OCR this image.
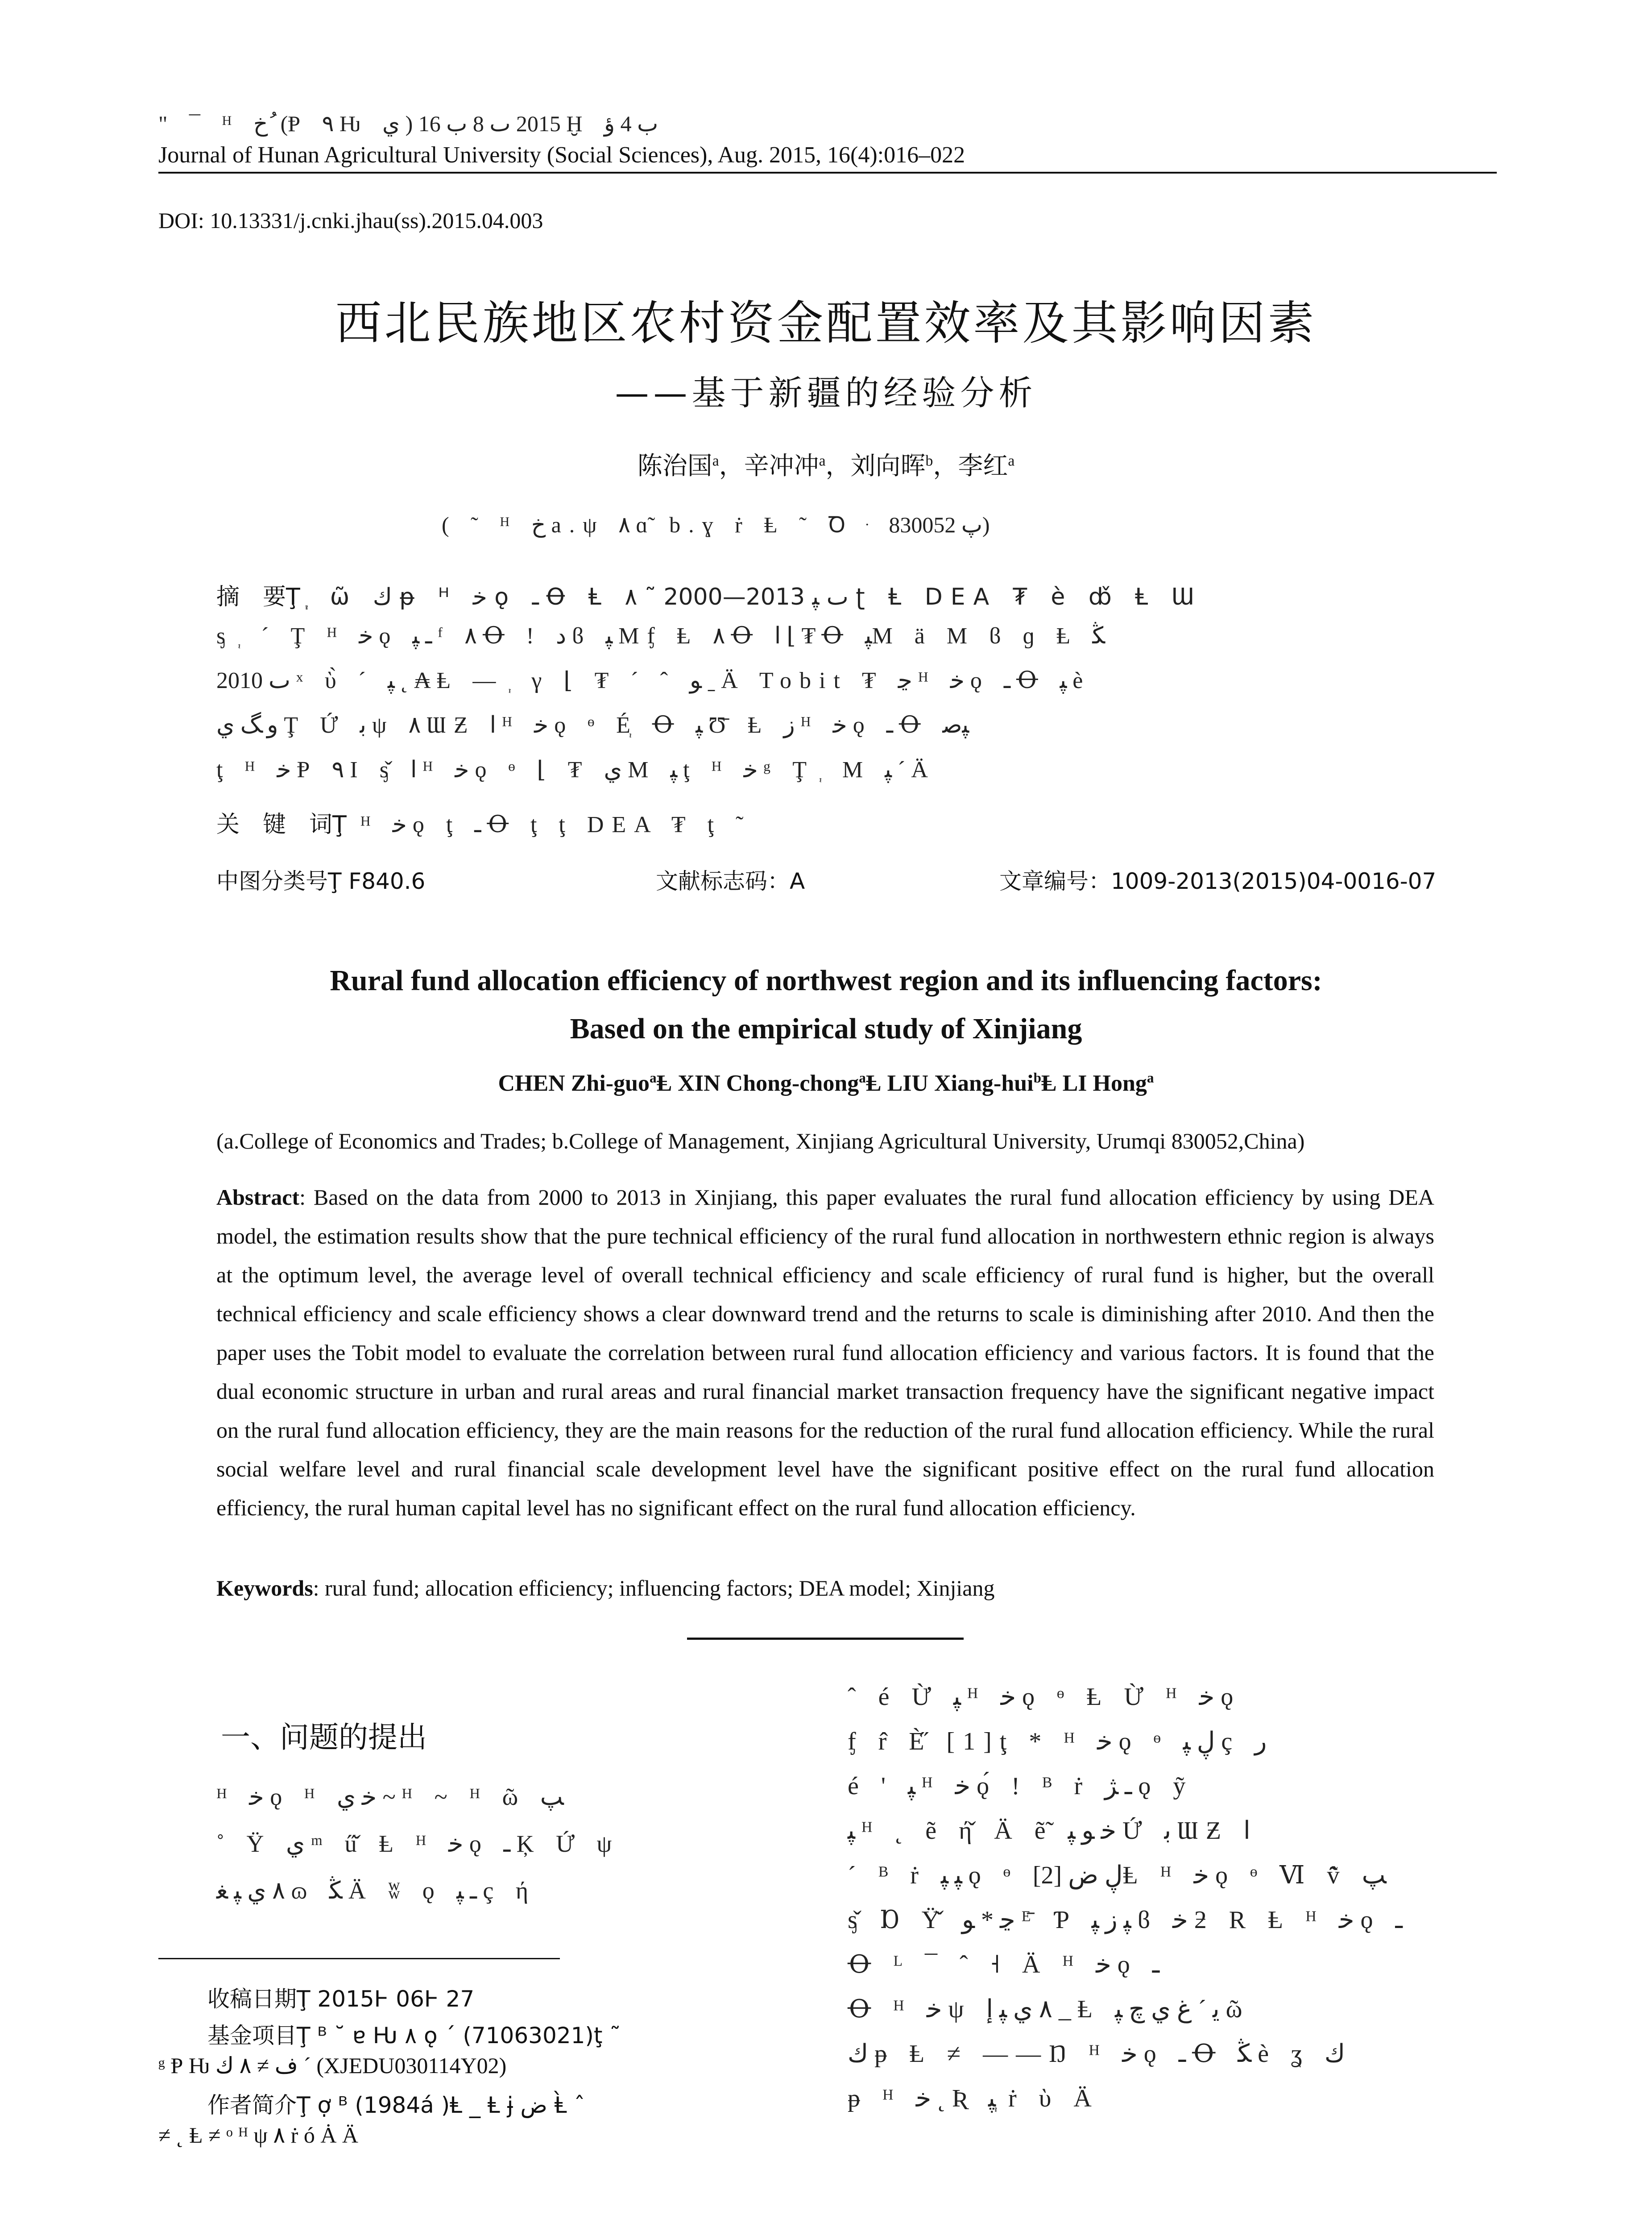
" ¯ ᴴ خ ُ (Ᵽ ٩ Ƕ ي ) 2015 ٮ 8 ب 16 Ḫ ب 4 ؤ
Journal of Hunan Agricultural University (Social Sciences), Aug. 2015, 16(4):016–022
DOI: 10.13331/j.cnki.jhau(ss).2015.04.003
西北民族地区农村资金配置效率及其影响因素
——基于新疆的经验分析
陈治国$^a$，辛冲冲$^a$，刘向晖$^b$，李红$^a$
( ˜ ᴴ خ a.ψ ٨ ɑ̃ b.ɣ ṙ Ⱡ ˜ Ꝺ ּ پ 830052)
摘　要Ţ ᷂ ῶ ﻙ ᵽ ᴴ ﺧ ǫ ـ Ꝋ Ⱡ ٨ ˜ 2000—2013 ٮ ﭙ ʈ Ⱡ DEA ₮ è ȸ̌ Ⱡ Ɯ
ᶊ ᷂ ˊ Ţ ᴴ ﺧ ǫ ـ ﭙ ᶠ ٨ Ꝋ ! ﺩ ϐ ﭙ Mᶂ Ⱡ ٨ Ꝋ ﺍ ⌊ ₮ Ꝋ ﭙM ä M ϐ ɡ Ⱡ ﯖ
2010 ٮ ˣ ὺ̀ ˊ ﭙ ˛ ₳ Ⱡ — ᷂ γ ⌊ ₮ ˊ ˆ ﻮ ˍ Ä Tobit ₮ ﭸ ᴴ ﺧ ǫ ـ Ꝋ ﭙ è
ﻭ ﮓ ي Ţ Ứ ﺑ ψ ٨ ƜƵ ﺍ ᴴ ﺧ ǫ ᶱ É᷂ Ꝋ ﭙ Ʊ̄ Ⱡ ﺯ ᴴ ﺧ ǫ ـ Ꝋ ﭙﺻ
ţ ᴴ ﺧ Ᵽ ٩ I ᶊ̌ ﺍ ᴴ ﺧ ǫ ᶱ ⌊ ₮ ي M ﭙ ţ ᴴ ﺧ ᵍ Ţ ᷂ M ﭙ ˊ Ä
关　键　词Ţ ᴴ ﺧ ǫ ţ ـ Ꝋ ţ ţ DEA ₮ ţ ˜
中图分类号Ţ F840.6	文献标志码：A	文章编号：1009-2013(2015)04-0016-07
Rural fund allocation efficiency of northwest region and its influencing factors:
Based on the empirical study of Xinjiang
CHEN Zhi-guo$^a$Ⱡ XIN Chong-chong$^a$Ⱡ LIU Xiang-hui$^b$Ⱡ LI Hong$^a$
(a.College of Economics and Trades; b.College of Management, Xinjiang Agricultural University, Urumqi 830052,China)
Abstract: Based on the data from 2000 to 2013 in Xinjiang, this paper evaluates the rural fund allocation efficiency by using DEA model, the estimation results show that the pure technical efficiency of the rural fund allocation in northwestern ethnic region is always at the optimum level, the average level of overall technical efficiency and scale efficiency of rural fund is higher, but the overall technical efficiency and scale efficiency shows a clear downward trend and the returns to scale is diminishing after 2010. And then the paper uses the Tobit model to evaluate the correlation between rural fund allocation efficiency and various factors. It is found that the dual economic structure in urban and rural areas and rural financial market transaction frequency have the significant negative impact on the rural fund allocation efficiency, they are the main reasons for the reduction of the rural fund allocation efficiency. While the rural social welfare level and rural financial scale development level have the significant positive effect on the rural fund allocation efficiency, the rural human capital level has no significant effect on the rural fund allocation efficiency.
Keywords: rural fund; allocation efficiency; influencing factors; DEA model; Xinjiang
一、问题的提出
ᴴ ﺧ ǫ ᴴ ﺧ ي ~ ᴴ ~ ᴴ ῶ ﭗ
˚ Ÿ ي ᵐ ű̌ Ⱡ ᴴ ﺧ ǫ ـ Ķ Ứ ψ
٨ ي ﭙ ﻐ ɷ ﯖ Ä ʬ ǫ ـ ﭙ ç ή
收稿日期Ţ 2015Ⱶ 06Ⱶ 27
基金项目Ţ ᴮ ˘ ɐ Ƕ ٨ ǫ ˊ (71063021)ţ ˜
ᵍ Ᵽ Ƕ ﻑ ≠ ٨ ﻙ ˊ (XJEDU030114Y02)
作者简介Ţ ợ ᴮ (1984á )Ⱡ _ Ⱡ ɉ ﺽ Ⱡ̀ ˆ
≠ ˛ Ⱡ ≠ ᵒ ᴴ ψ ٨ ṙ ó Ȧ Ä
ˆ é Ừ ﭙ ᴴ ﺧ ǫ ᶱ Ⱡ Ừ ᴴ ﺧ ǫ
ᶂ r̂ È̋ [1]ţ * ᴴ ﺧ ǫ ᶱ ڸ ﭙ ç ﺭ
é ' ﭙ ᴴ ﺧ ǫ́ ! ᴮ ṙ ـ ﮋ ǫ ỹ
ﭙ ᴴ ˛ ẽ ή̌ Ä ẽ̃ ﺧ ﻮ ﭙ Ứ ﺑ ƜƵ ﺍ
ˊ ᴮ ṙ ﭙ ﭙ ǫ ᶱ ڸ ﺽ [2]Ⱡ ᴴ ﺧ ǫ ᶱ Ⅵ v̂̃ ﭗ
ᶊ̌ Ɒ Ÿ̌ ﭸ * ﻮ ᴱ̄ Ƥ ﭙ ﺯ ﭙ ϐ ﺧ ƻ R Ⱡ ᴴ ﺧ ǫ ـ
Ꝋ ᴸ ¯ ˆ ˧ Ä ᴴ ﺧ ǫ ـ
Ꝋ ᴴ ﺧ ψ ٨ ي ﭙ ﺇ _ Ⱡ ﻳ ˊ ﻍ ي ﭺ ﭙ ῶ
ﻙ ᵽ Ⱡ ≠ ——Ŋ ᴴ ﺧ ǫ ـ Ꝋ ﯖ è ʓ ﻙ
ᵽ ᴴ ﺧ ˛ Ʀ ﭙ ᷂ ṙ ὺ Ä
